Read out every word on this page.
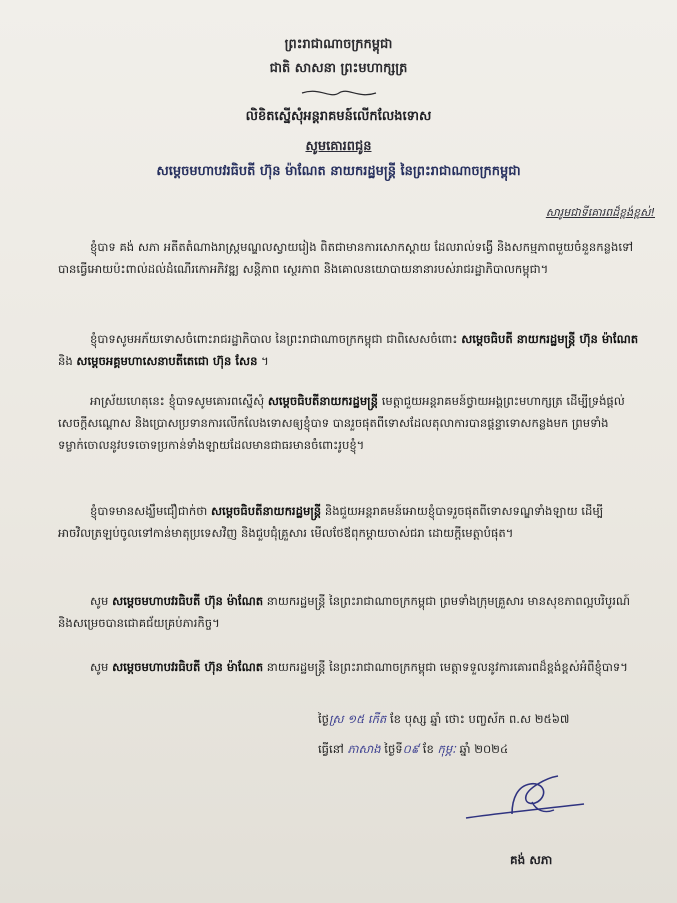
ព្រះរាជាណាចក្រកម្ពុជា
ជាតិ សាសនា ព្រះមហាក្សត្រ
លិខិតស្នើសុំអន្តរាគមន៍លើកលែងទោស
សូមគោរពជូន
សម្តេចមហាបវរធិបតី ហ៊ុន ម៉ាណែត នាយករដ្ឋមន្ត្រី នៃព្រះរាជាណាចក្រកម្ពុជា
សារូមជាទីគោរពដ៏ខ្ពង់ខ្ពស់!
ខ្ញុំបាទ គង់ សភា អតីតតំណាងរាស្ត្រមណ្ឌលស្វាយរៀង ពិតជាមានការសោកស្តាយ ដែលរាល់ទង្វើ និងសកម្មភាពមួយចំនួនកន្លងទៅ បានធ្វើអោយប៉ះពាល់ដល់ដំណើរកោអភិវឌ្ឍ សន្តិភាព ស្ថេរភាព និងគោលនយោបាយនានារបស់រាជរដ្ឋាភិបាលកម្ពុជា។
ខ្ញុំបាទសូមអភ័យទោសចំពោះរាជរដ្ឋាភិបាល នៃព្រះរាជាណាចក្រកម្ពុជា ជាពិសេសចំពោះ សម្តេចធិបតី នាយករដ្ឋមន្ត្រី ហ៊ុន ម៉ាណែត និង សម្តេចអគ្គមហាសេនាបតីតេជោ ហ៊ុន សែន ។
អាស្រ័យហេតុនេះ ខ្ញុំបាទសូមគោរពស្នើសុំ សម្តេចធិបតីនាយករដ្ឋមន្ត្រី មេត្តាជួយអន្តរាគមន៍ថ្វាយអង្គព្រះមហាក្សត្រ ដើម្បីទ្រង់ផ្តល់សេចក្តីសណ្តោស និងប្រោសប្រទានការលើកលែងទោសឲ្យខ្ញុំបាទ បានរួចផុតពីទោសដែលតុលាការបានផ្តន្ទាទោសកន្លងមក ព្រមទាំងទម្លាក់ចោលនូវបទចោទប្រកាន់ទាំងឡាយដែលមានជាធរមានចំពោះរូបខ្ញុំ។
ខ្ញុំបាទមានសង្ឃឹមជឿជាក់ថា សម្តេចធិបតីនាយករដ្ឋមន្ត្រី និងជួយអន្តរាគមន៍អោយខ្ញុំបាទរួចផុតពីទោសទណ្ឌទាំងឡាយ ដើម្បីអាចវិលត្រឡប់ចូលទៅកាន់មាតុប្រទេសវិញ និងជួបជុំគ្រួសារ មើលថែឪពុកម្តាយចាស់ជរា ដោយក្តីមេត្តាបំផុត។
សូម សម្តេចមហាបវរធិបតី ហ៊ុន ម៉ាណែត នាយករដ្ឋមន្ត្រី នៃព្រះរាជាណាចក្រកម្ពុជា ព្រមទាំងក្រុមគ្រួសារ មានសុខភាពល្អបរិបូរណ៍ និងសម្រេចបានជោគជ័យគ្រប់ភារកិច្ច។
សូម សម្តេចមហាបវរធិបតី ហ៊ុន ម៉ាណែត នាយករដ្ឋមន្ត្រី នៃព្រះរាជាណាចក្រកម្ពុជា មេត្តាទទួលនូវការគោរពដ៏ខ្ពង់ខ្ពស់អំពីខ្ញុំបាទ។
ថ្ងៃស្រ ១៥ កើត ខែ បុស្ស ឆ្នាំ ថោះ បញ្ចស័ក ព.ស ២៥៦៧
ធ្វើនៅ ភាសាង ថ្ងៃទី០៩ ខែ កុម្ភៈ ឆ្នាំ ២០២៤
គង់ សភា
